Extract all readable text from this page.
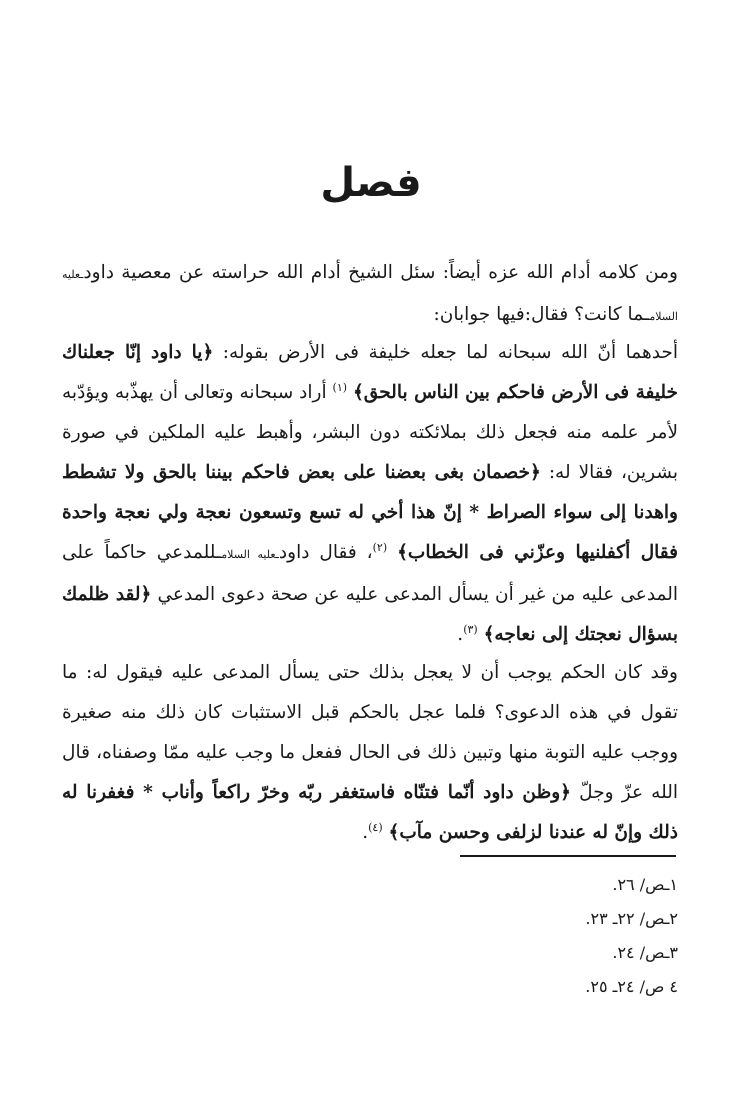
فصل

ومن كلامه أدام الله عزه أيضاً: سئل الشيخ أدام الله حراسته عن معصية داودـعليه السلامـما كانت؟ فقال:فيها جوابان:

أحدهما أنّ الله سبحانه لما جعله خليفة فى الأرض بقوله: ﴿يا داود إنّا جعلناك خليفة فى الأرض فاحكم بين الناس بالحق﴾ $^{(١)}$ أراد سبحانه وتعالى أن يهذّبه ويؤدّبه لأمر علمه منه فجعل ذلك بملائكته دون البشر، وأهبط عليه الملكين في صورة بشرين، فقالا له: ﴿خصمان بغى بعضنا على بعض فاحكم بيننا بالحق ولا تشطط واهدنا إلى سواء الصراط * إنّ هذا أخي له تسع وتسعون نعجة ولي نعجة واحدة فقال أكفلنيها وعزّني فى الخطاب﴾ $^{(٢)}$، فقال داودـعليه السلامـللمدعي حاكماً على المدعى عليه من غير أن يسأل المدعى عليه عن صحة دعوى المدعي ﴿لقد ظلمك بسؤال نعجتك إلى نعاجه﴾ $^{(٣)}$.

وقد كان الحكم يوجب أن لا يعجل بذلك حتى يسأل المدعى عليه فيقول له: ما تقول في هذه الدعوى؟ فلما عجل بالحكم قبل الاستثبات كان ذلك منه صغيرة ووجب عليه التوبة منها وتبين ذلك فى الحال ففعل ما وجب عليه ممّا وصفناه، قال الله عزّ وجلّ ﴿وظن داود أنّما فتنّاه فاستغفر ربّه وخرّ راكعاً وأناب * فغفرنا له ذلك وإنّ له عندنا لزلفى وحسن مآب﴾ $^{(٤)}$.

١ـص/ ٢٦.
٢ـص/ ٢٢ـ ٢٣.
٣ـص/ ٢٤.
٤ ص/ ٢٤ـ ٢٥.
